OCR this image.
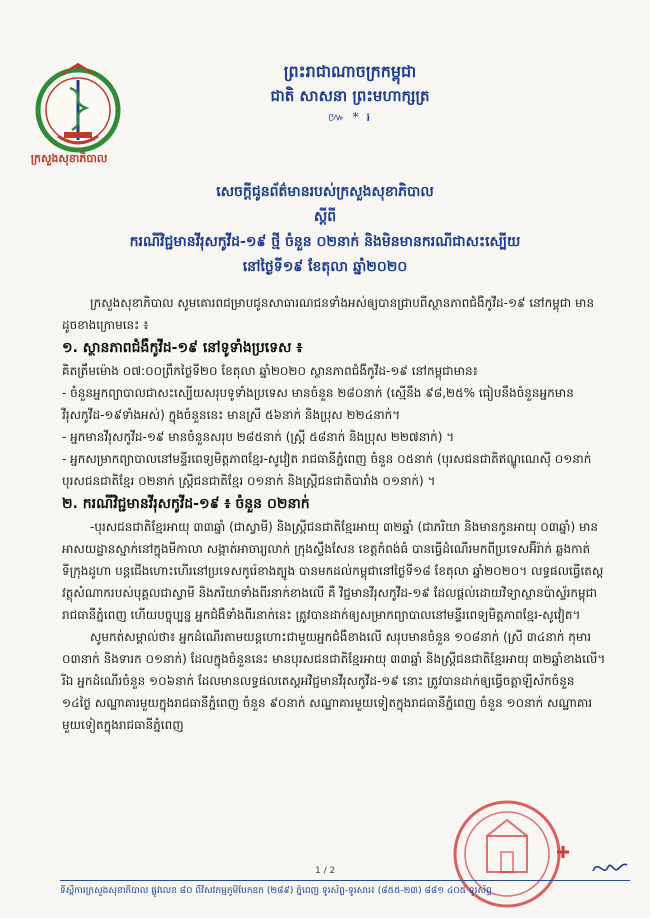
ក្រសួងសុខាភិបាល
ព្រះរាជាណាចក្រកម្ពុជា
ជាតិ សាសនា ព្រះមហាក្សត្រ
៚ * ៛
សេចក្តីជូនព័ត៌មានរបស់ក្រសួងសុខាភិបាល
ស្តីពី
ករណីវិជ្ជមានវីរុសកូវីដ-១៩ ថ្មី ចំនួន ០២នាក់ និងមិនមានករណីជាសះស្បើយ
នៅថ្ងៃទី១៩ ខែតុលា ឆ្នាំ២០២០

ក្រសួងសុខាភិបាល សូមគោរពជម្រាបជូនសាធារណជនទាំងអស់ឲ្យបានជ្រាបពីស្ថានភាពជំងឺកូវីដ-១៩ នៅកម្ពុជា មានដូចខាងក្រោមនេះ ៖

១. ស្ថានភាពជំងឺកូវីដ-១៩ នៅទូទាំងប្រទេស ៖

គិតត្រឹមម៉ោង ០៧:០០ព្រឹកថ្ងៃទី២០ ខែតុលា ឆ្នាំ២០២០ ស្ថានភាពជំងឺកូវីដ-១៩ នៅកម្ពុជាមាន៖

- ចំនួនអ្នកព្យាបាលជាសះស្បើយសរុបទូទាំងប្រទេស មានចំនួន ២៨០នាក់ (ស្មើនឹង ៩៨,២៥% ធៀបនឹងចំនួនអ្នកមានវីរុសកូវីដ-១៩ទាំងអស់) ក្នុងចំនួននេះ មានស្រី ៥៦នាក់ និងប្រុស ២២៤នាក់។

- អ្នកមានវីរុសកូវីដ-១៩ មានចំនួនសរុប ២៨៥នាក់ (ស្ត្រី ៥៨នាក់ និងប្រុស ២២៧នាក់) ។

- អ្នកសម្រាកព្យាបាលនៅមន្ទីរពេទ្យមិត្តភាពខ្មែរ-សូវៀត រាជធានីភ្នំពេញ ចំនួន ០៥នាក់ (បុរសជនជាតិឥណ្ឌូណេស៊ី ០១នាក់ បុរសជនជាតិខ្មែរ ០២នាក់ ស្ត្រីជនជាតិខ្មែរ ០១នាក់ និងស្ត្រីជនជាតិបារាំង ០១នាក់) ។

២. ករណីវិជ្ជមានវីរុសកូវីដ-១៩ ៖ ចំនួន ០២នាក់

-បុរសជនជាតិខ្មែរអាយុ ៣៣ឆ្នាំ (ជាស្វាមី) និងស្ត្រីជនជាតិខ្មែរអាយុ ៣២ឆ្នាំ (ជាភរិយា និងមានកូនអាយុ ០៣ឆ្នាំ) មានអាសយដ្ឋានស្នាក់នៅក្នុងមីកាលា សង្កាត់អាចារ្យលាក់ ក្រុងស្ទឹងសែន ខេត្តកំពង់ធំ បានធ្វើដំណើរមកពីប្រទេសអ៊ីរ៉ាក់ ឆ្លងកាត់ទីក្រុងដូហា បន្តជើងហោះហើរនៅប្រទេសកូរ៉េខាងត្បូង បានមកដល់កម្ពុជានៅថ្ងៃទី១៨ ខែតុលា ឆ្នាំ២០២០។ លទ្ធផលធ្វើតេស្តវត្ថុសំណាករបស់បុគ្គលជាស្វាមី និងភរិយាទាំងពីរនាក់ខាងលើ គឺ វិជ្ជមានវីរុសកូវីដ-១៩ ដែលផ្តល់ដោយវិទ្យាស្ថានប៉ាស្ទ័រកម្ពុជា រាជធានីភ្នំពេញ ហើយបច្ចុប្បន្ន អ្នកជំងឺទាំងពីរនាក់នេះ ត្រូវបានដាក់ឲ្យសម្រាកព្យាបាលនៅមន្ទីរពេទ្យមិត្តភាពខ្មែរ-សូវៀត។

សូមកត់សម្គាល់ថា៖ អ្នកដំណើរតាមយន្តហោះជាមួយអ្នកជំងឺខាងលើ សរុបមានចំនួន ១០៨នាក់ (ស្រី ៣៤នាក់ កុមារ ០៣នាក់ និងទារក ០១នាក់) ដែលក្នុងចំនួននេះ មានបុរសជនជាតិខ្មែរអាយុ ៣៣ឆ្នាំ និងស្ត្រីជនជាតិខ្មែរអាយុ ៣២ឆ្នាំខាងលើ។ រីឯ អ្នកដំណើរចំនួន ១០៦នាក់ ដែលមានលទ្ធផលតេស្តអវិជ្ជមានវីរុសកូវីដ-១៩ នោះ ត្រូវបានដាក់ឲ្យធ្វើចត្តាឡីស័កចំនួន ១៤ថ្ងៃ សណ្ឋាគារមួយក្នុងរាជធានីភ្នំពេញ ចំនួន ៩០នាក់ សណ្ឋាគារមួយទៀតក្នុងរាជធានីភ្នំពេញ ចំនួន ១០នាក់ សណ្ឋាគារមួយទៀតក្នុងរាជធានីភ្នំពេញ

1 / 2
ទីស្តីការក្រសួងសុខាភិបាល ផ្លូវលេខ ៨០ ពីវិសវកម្មភូមិបែកឧក (២៨៩) ភ្នំពេញ ទូរស័ព្ទ-ទូរសារ៖ (៨៥៥-២៣) ៨៨១ ៤០៥ ទូរស័ព្ទ
